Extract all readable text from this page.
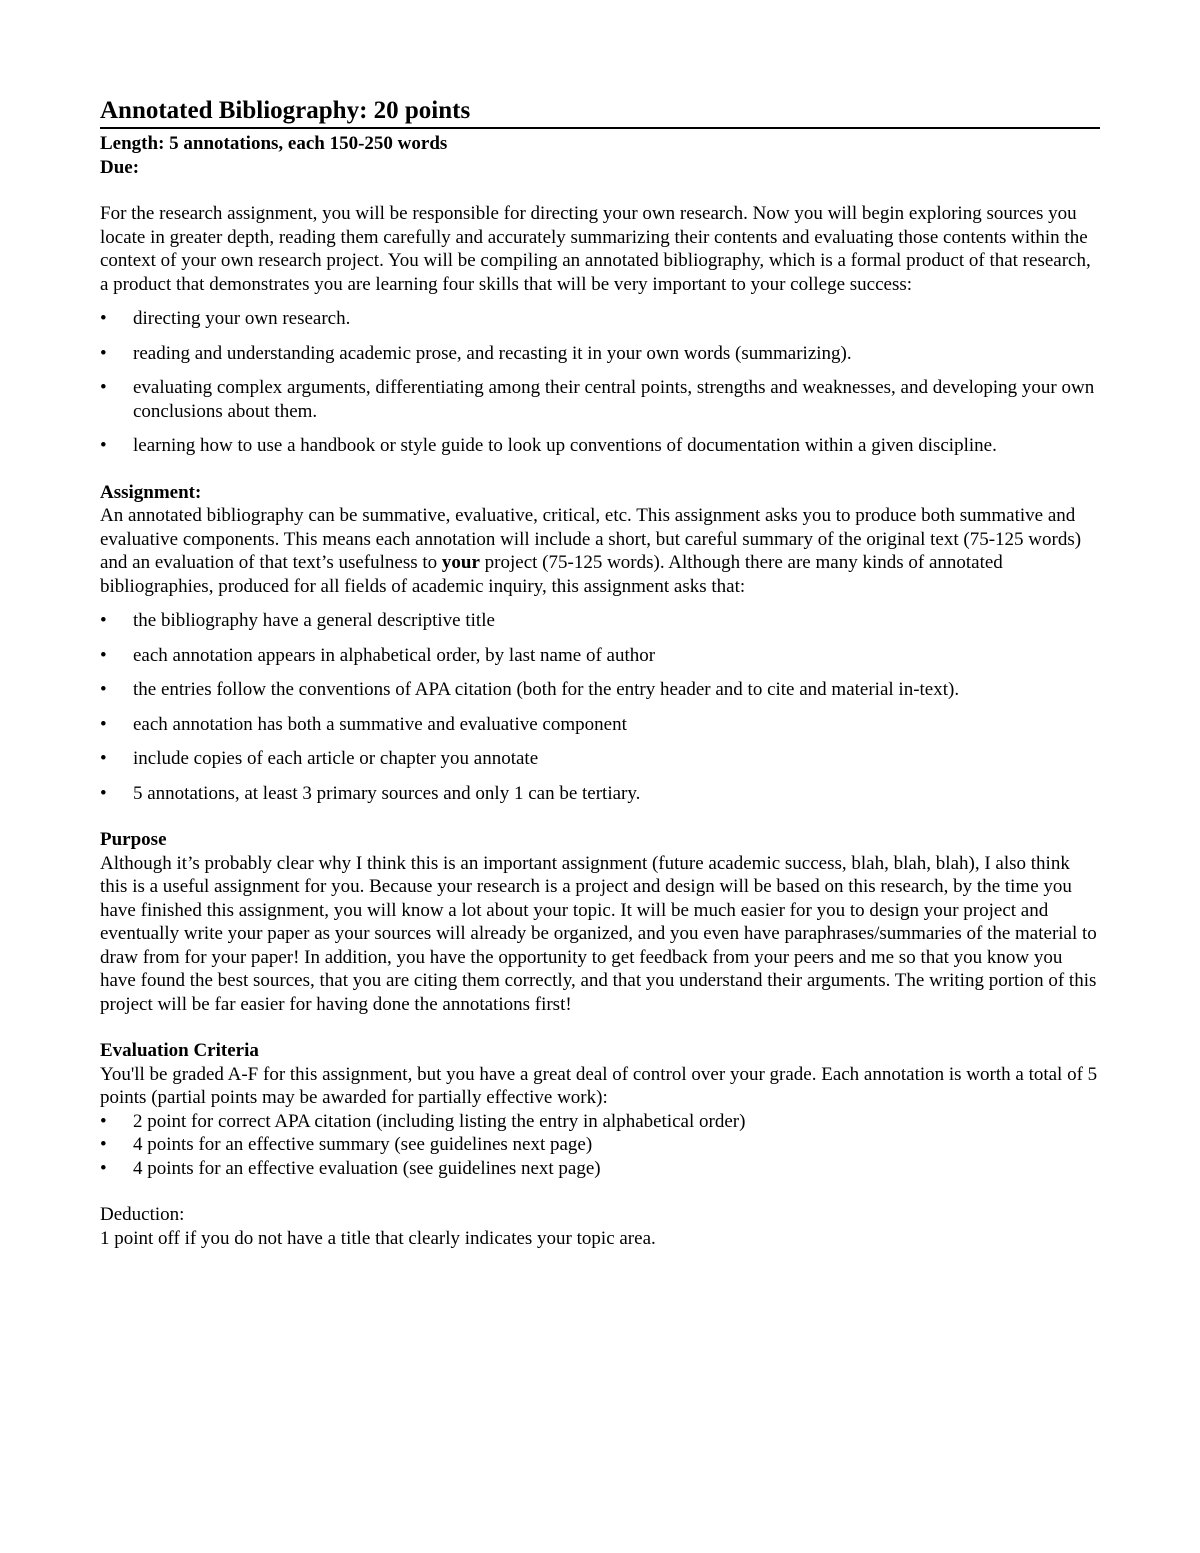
Annotated Bibliography: 20 points
Length: 5 annotations, each 150-250 words
Due:

For the research assignment, you will be responsible for directing your own research. Now you will begin exploring sources you locate in greater depth, reading them carefully and accurately summarizing their contents and evaluating those contents within the context of your own research project. You will be compiling an annotated bibliography, which is a formal product of that research, a product that demonstrates you are learning four skills that will be very important to your college success:

• directing your own research.
• reading and understanding academic prose, and recasting it in your own words (summarizing).
• evaluating complex arguments, differentiating among their central points, strengths and weaknesses, and developing your own conclusions about them.
• learning how to use a handbook or style guide to look up conventions of documentation within a given discipline.
Assignment:

An annotated bibliography can be summative, evaluative, critical, etc. This assignment asks you to produce both summative and evaluative components. This means each annotation will include a short, but careful summary of the original text (75-125 words) and an evaluation of that text’s usefulness to your project (75-125 words). Although there are many kinds of annotated bibliographies, produced for all fields of academic inquiry, this assignment asks that:

• the bibliography have a general descriptive title
• each annotation appears in alphabetical order, by last name of author
• the entries follow the conventions of APA citation (both for the entry header and to cite and material in-text).
• each annotation has both a summative and evaluative component
• include copies of each article or chapter you annotate
• 5 annotations, at least 3 primary sources and only 1 can be tertiary.
Purpose

Although it’s probably clear why I think this is an important assignment (future academic success, blah, blah, blah), I also think this is a useful assignment for you. Because your research is a project and design will be based on this research, by the time you have finished this assignment, you will know a lot about your topic. It will be much easier for you to design your project and eventually write your paper as your sources will already be organized, and you even have paraphrases/summaries of the material to draw from for your paper! In addition, you have the opportunity to get feedback from your peers and me so that you know you have found the best sources, that you are citing them correctly, and that you understand their arguments. The writing portion of this project will be far easier for having done the annotations first!

Evaluation Criteria

You'll be graded A-F for this assignment, but you have a great deal of control over your grade. Each annotation is worth a total of 5 points (partial points may be awarded for partially effective work):

• 2 point for correct APA citation (including listing the entry in alphabetical order)
• 4 points for an effective summary (see guidelines next page)
• 4 points for an effective evaluation (see guidelines next page)
Deduction:

1 point off if you do not have a title that clearly indicates your topic area.
